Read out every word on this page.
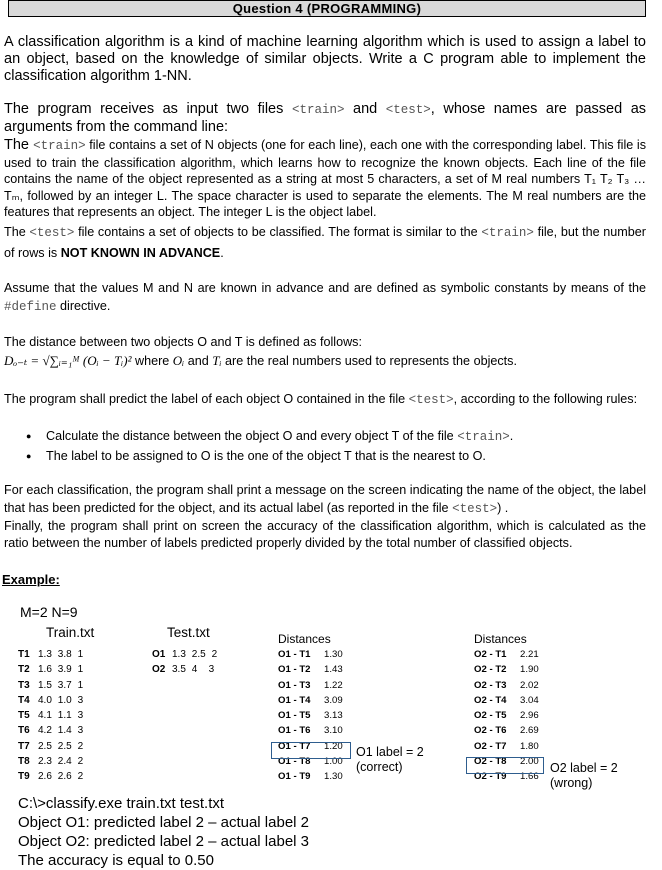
Question 4 (PROGRAMMING)
A classification algorithm is a kind of machine learning algorithm which is used to assign a label to an object, based on the knowledge of similar objects. Write a C program able to implement the classification algorithm 1-NN.
The program receives as input two files <train> and <test>, whose names are passed as arguments from the command line:
The <train> file contains a set of N objects (one for each line), each one with the corresponding label. This file is used to train the classification algorithm, which learns how to recognize the known objects. Each line of the file contains the name of the object represented as a string at most 5 characters, a set of M real numbers T₁ T₂ T₃ … Tₘ, followed by an integer L. The space character is used to separate the elements. The M real numbers are the features that represents an object. The integer L is the object label.
The <test> file contains a set of objects to be classified. The format is similar to the <train> file, but the number of rows is NOT KNOWN IN ADVANCE.
Assume that the values M and N are known in advance and are defined as symbolic constants by means of the #define directive.
The distance between two objects O and T is defined as follows:
Dₒ₋ₜ = √∑ᵢ₌₁ᴹ (Oᵢ − Tᵢ)² where Oᵢ and Tᵢ are the real numbers used to represents the objects.
The program shall predict the label of each object O contained in the file <test>, according to the following rules:
● Calculate the distance between the object O and every object T of the file <train>.
● The label to be assigned to O is the one of the object T that is the nearest to O.
For each classification, the program shall print a message on the screen indicating the name of the object, the label that has been predicted for the object, and its actual label (as reported in the file <test>) .
Finally, the program shall print on screen the accuracy of the classification algorithm, which is calculated as the ratio between the number of labels predicted properly divided by the total number of classified objects.
Example:
M=2 N=9
Train.txt	Test.txt	Distances	Distances
T1 1.3 3.8 1
T2 1.6 3.9 1
T3 1.5 3.7 1
T4 4.0 1.0 3
T5 4.1 1.1 3
T6 4.2 1.4 3
T7 2.5 2.5 2
T8 2.3 2.4 2
T9 2.6 2.6 2
O1 1.3 2.5 2
O2 3.5 4 3
O1 - T1 1.30
O1 - T2 1.43
O1 - T3 1.22
O1 - T4 3.09
O1 - T5 3.13
O1 - T6 3.10
O1 - T7 1.20
O1 - T8 1.00
O1 - T9 1.30
O1 label = 2
(correct)
O2 - T1 2.21
O2 - T2 1.90
O2 - T3 2.02
O2 - T4 3.04
O2 - T5 2.96
O2 - T6 2.69
O2 - T7 1.80
O2 - T8 2.00
O2 - T9 1.66
O2 label = 2
(wrong)
C:\>classify.exe train.txt test.txt
Object O1: predicted label 2 – actual label 2
Object O2: predicted label 2 – actual label 3
The accuracy is equal to 0.50
